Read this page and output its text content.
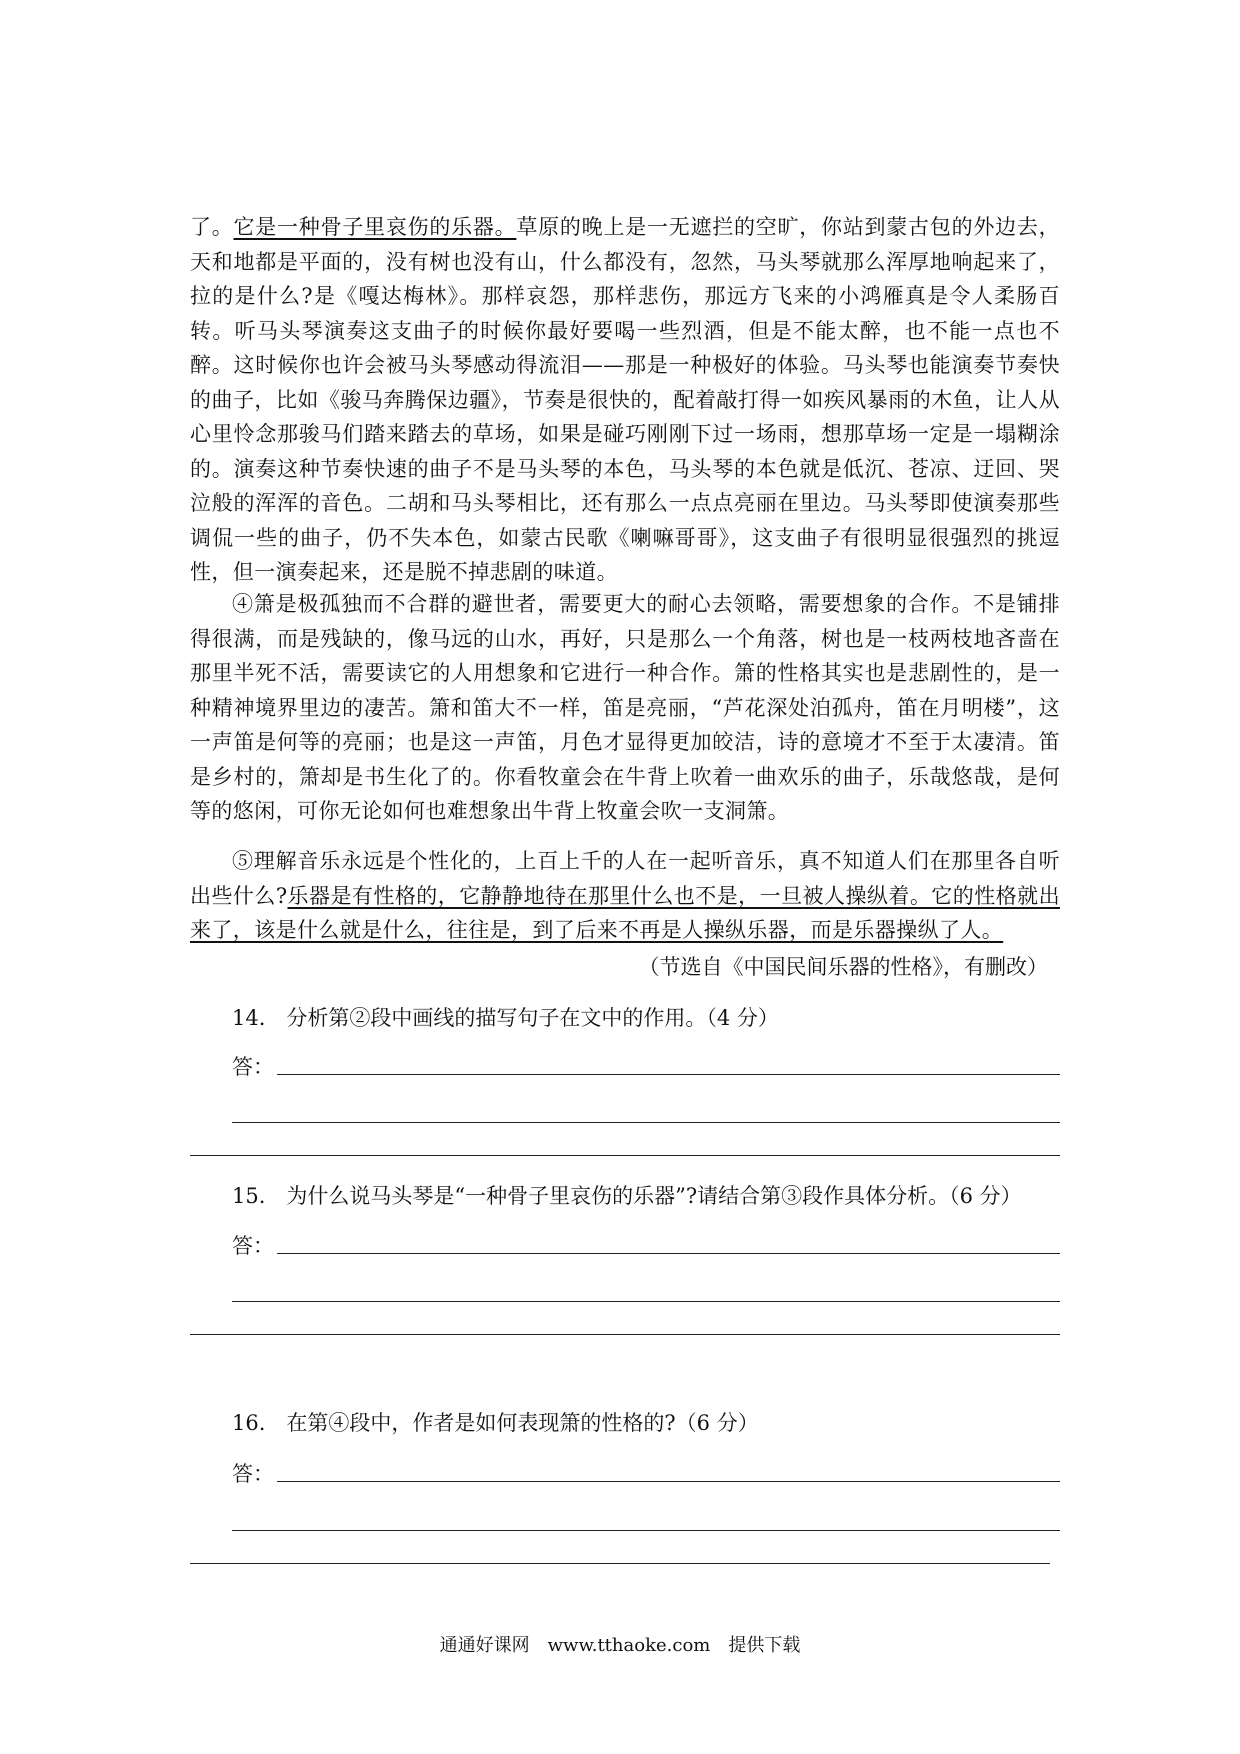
了。它是一种骨子里哀伤的乐器。草原的晚上是一无遮拦的空旷，你站到蒙古包的外边去，天和地都是平面的，没有树也没有山，什么都没有，忽然，马头琴就那么浑厚地响起来了，拉的是什么?是《嘎达梅林》。那样哀怨，那样悲伤，那远方飞来的小鸿雁真是令人柔肠百转。听马头琴演奏这支曲子的时候你最好要喝一些烈酒，但是不能太醉，也不能一点也不醉。这时候你也许会被马头琴感动得流泪——那是一种极好的体验。马头琴也能演奏节奏快的曲子，比如《骏马奔腾保边疆》，节奏是很快的，配着敲打得一如疾风暴雨的木鱼，让人从心里怜念那骏马们踏来踏去的草场，如果是碰巧刚刚下过一场雨，想那草场一定是一塌糊涂的。演奏这种节奏快速的曲子不是马头琴的本色，马头琴的本色就是低沉、苍凉、迂回、哭泣般的浑浑的音色。二胡和马头琴相比，还有那么一点点亮丽在里边。马头琴即使演奏那些调侃一些的曲子，仍不失本色，如蒙古民歌《喇嘛哥哥》，这支曲子有很明显很强烈的挑逗性，但一演奏起来，还是脱不掉悲剧的味道。

④箫是极孤独而不合群的避世者，需要更大的耐心去领略，需要想象的合作。不是铺排得很满，而是残缺的，像马远的山水，再好，只是那么一个角落，树也是一枝两枝地吝啬在那里半死不活，需要读它的人用想象和它进行一种合作。箫的性格其实也是悲剧性的，是一种精神境界里边的凄苦。箫和笛大不一样，笛是亮丽，“芦花深处泊孤舟，笛在月明楼”，这一声笛是何等的亮丽；也是这一声笛，月色才显得更加皎洁，诗的意境才不至于太凄清。笛是乡村的，箫却是书生化了的。你看牧童会在牛背上吹着一曲欢乐的曲子，乐哉悠哉，是何等的悠闲，可你无论如何也难想象出牛背上牧童会吹一支洞箫。

⑤理解音乐永远是个性化的，上百上千的人在一起听音乐，真不知道人们在那里各自听出些什么?乐器是有性格的，它静静地待在那里什么也不是，一旦被人操纵着。它的性格就出来了，该是什么就是什么，往往是，到了后来不再是人操纵乐器，而是乐器操纵了人。

（节选自《中国民间乐器的性格》，有删改）

14.　分析第②段中画线的描写句子在文中的作用。（4 分）

答：

15.　为什么说马头琴是“一种骨子里哀伤的乐器”?请结合第③段作具体分析。（6 分）

答：

16.　在第④段中，作者是如何表现箫的性格的?（6 分）

答：

通通好课网　www.tthaoke.com　提供下载
